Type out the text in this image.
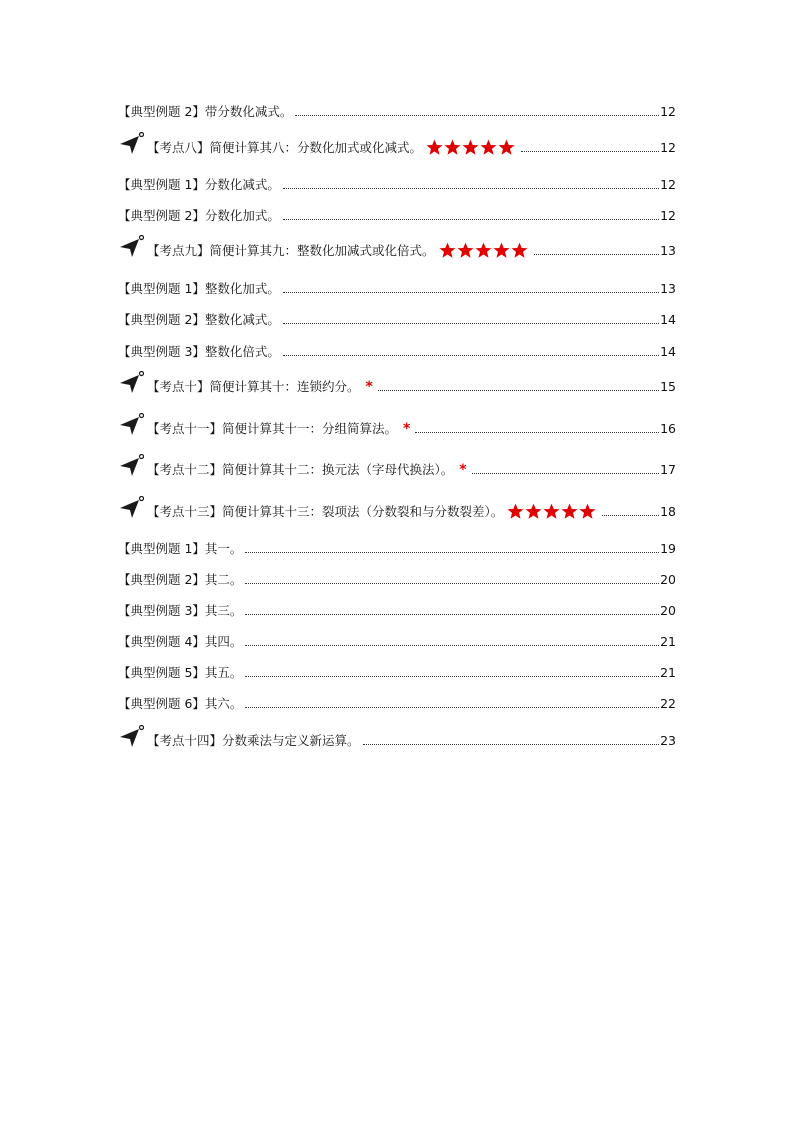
【典型例题 2】带分数化减式。	12
【考点八】简便计算其八：分数化加式或化减式。	12
【典型例题 1】分数化减式。	12
【典型例题 2】分数化加式。	12
【考点九】简便计算其九：整数化加减式或化倍式。	13
【典型例题 1】整数化加式。	13
【典型例题 2】整数化减式。	14
【典型例题 3】整数化倍式。	14
【考点十】简便计算其十：连锁约分。 *	15
【考点十一】简便计算其十一：分组简算法。 *	16
【考点十二】简便计算其十二：换元法（字母代换法）。 *	17
【考点十三】简便计算其十三：裂项法（分数裂和与分数裂差）。	18
【典型例题 1】其一。	19
【典型例题 2】其二。	20
【典型例题 3】其三。	20
【典型例题 4】其四。	21
【典型例题 5】其五。	21
【典型例题 6】其六。	22
【考点十四】分数乘法与定义新运算。	23
